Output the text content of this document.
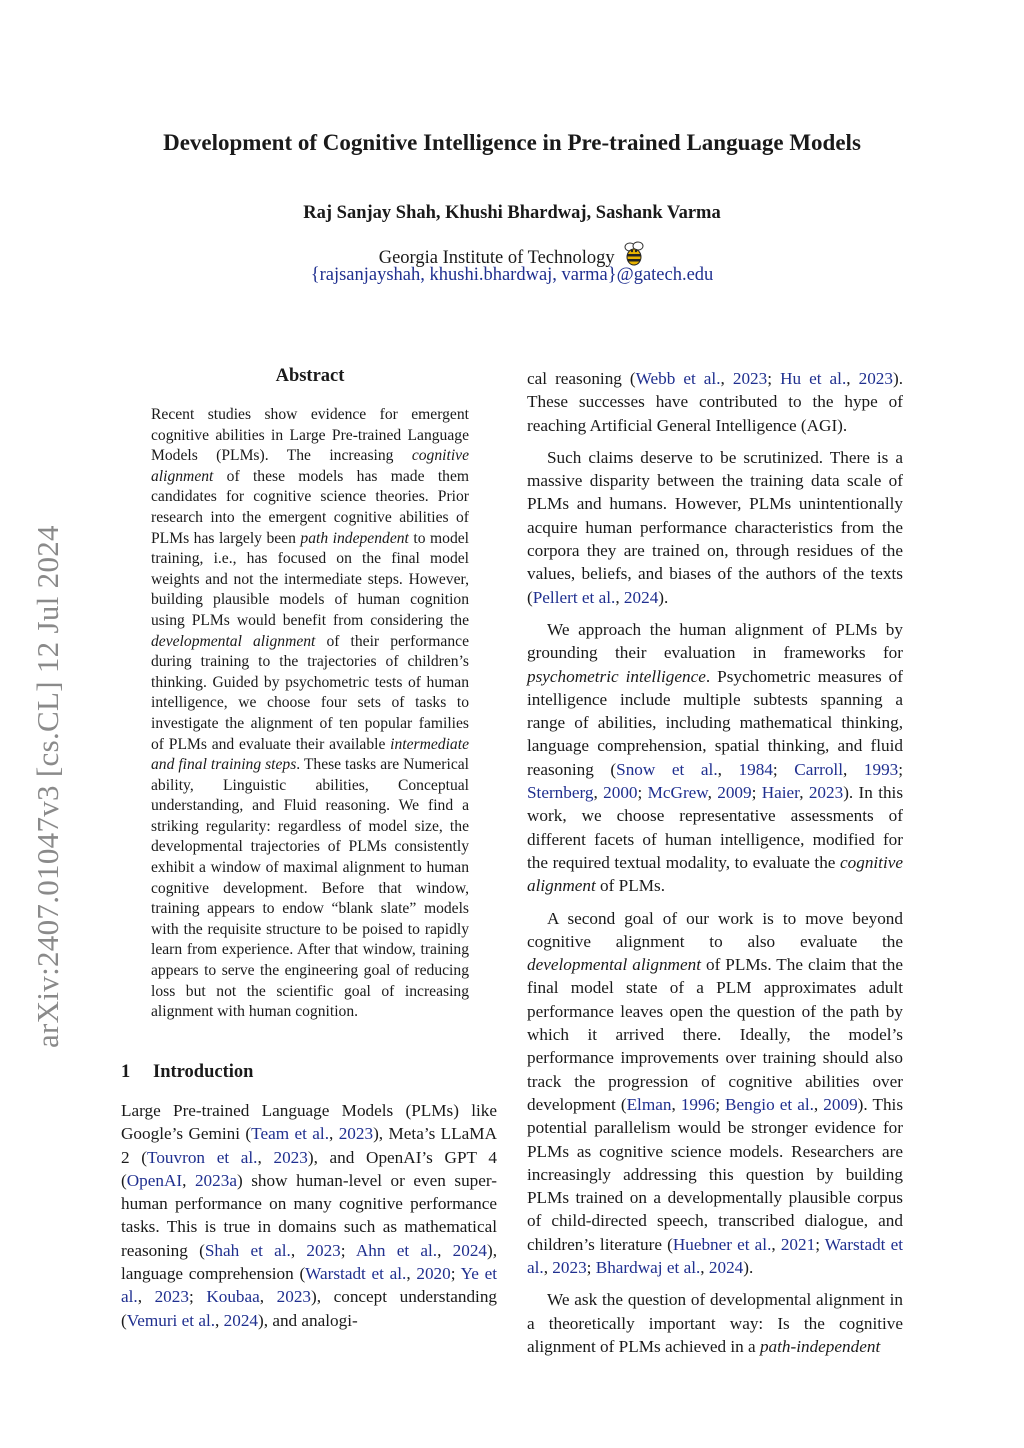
arXiv:2407.01047v3 [cs.CL] 12 Jul 2024
Development of Cognitive Intelligence in Pre-trained Language Models
Raj Sanjay Shah, Khushi Bhardwaj, Sashank Varma
Georgia Institute of Technology
{rajsanjayshah, khushi.bhardwaj, varma}@gatech.edu
Abstract

Recent studies show evidence for emergent cognitive abilities in Large Pre-trained Language Models (PLMs). The increasing cognitive alignment of these models has made them candidates for cognitive science theories. Prior research into the emergent cognitive abilities of PLMs has largely been path independent to model training, i.e., has focused on the final model weights and not the intermediate steps. However, building plausible models of human cognition using PLMs would benefit from considering the developmental alignment of their performance during training to the trajectories of children’s thinking. Guided by psychometric tests of human intelligence, we choose four sets of tasks to investigate the alignment of ten popular families of PLMs and evaluate their available intermediate and final training steps. These tasks are Numerical ability, Linguistic abilities, Conceptual understanding, and Fluid reasoning. We find a striking regularity: regardless of model size, the developmental trajectories of PLMs consistently exhibit a window of maximal alignment to human cognitive development. Before that window, training appears to endow “blank slate” models with the requisite structure to be poised to rapidly learn from experience. After that window, training appears to serve the engineering goal of reducing loss but not the scientific goal of increasing alignment with human cognition.

1 Introduction

Large Pre-trained Language Models (PLMs) like Google’s Gemini (Team et al., 2023), Meta’s LLaMA 2 (Touvron et al., 2023), and OpenAI’s GPT 4 (OpenAI, 2023a) show human-level or even super-human performance on many cognitive performance tasks. This is true in domains such as mathematical reasoning (Shah et al., 2023; Ahn et al., 2024), language comprehension (Warstadt et al., 2020; Ye et al., 2023; Koubaa, 2023), concept understanding (Vemuri et al., 2024), and analogi-

cal reasoning (Webb et al., 2023; Hu et al., 2023). These successes have contributed to the hype of reaching Artificial General Intelligence (AGI).

Such claims deserve to be scrutinized. There is a massive disparity between the training data scale of PLMs and humans. However, PLMs unintentionally acquire human performance characteristics from the corpora they are trained on, through residues of the values, beliefs, and biases of the authors of the texts (Pellert et al., 2024).

We approach the human alignment of PLMs by grounding their evaluation in frameworks for psychometric intelligence. Psychometric measures of intelligence include multiple subtests spanning a range of abilities, including mathematical thinking, language comprehension, spatial thinking, and fluid reasoning (Snow et al., 1984; Carroll, 1993; Sternberg, 2000; McGrew, 2009; Haier, 2023). In this work, we choose representative assessments of different facets of human intelligence, modified for the required textual modality, to evaluate the cognitive alignment of PLMs.

A second goal of our work is to move beyond cognitive alignment to also evaluate the developmental alignment of PLMs. The claim that the final model state of a PLM approximates adult performance leaves open the question of the path by which it arrived there. Ideally, the model’s performance improvements over training should also track the progression of cognitive abilities over development (Elman, 1996; Bengio et al., 2009). This potential parallelism would be stronger evidence for PLMs as cognitive science models. Researchers are increasingly addressing this question by building PLMs trained on a developmentally plausible corpus of child-directed speech, transcribed dialogue, and children’s literature (Huebner et al., 2021; Warstadt et al., 2023; Bhardwaj et al., 2024).

We ask the question of developmental alignment in a theoretically important way: Is the cognitive alignment of PLMs achieved in a path-independent
